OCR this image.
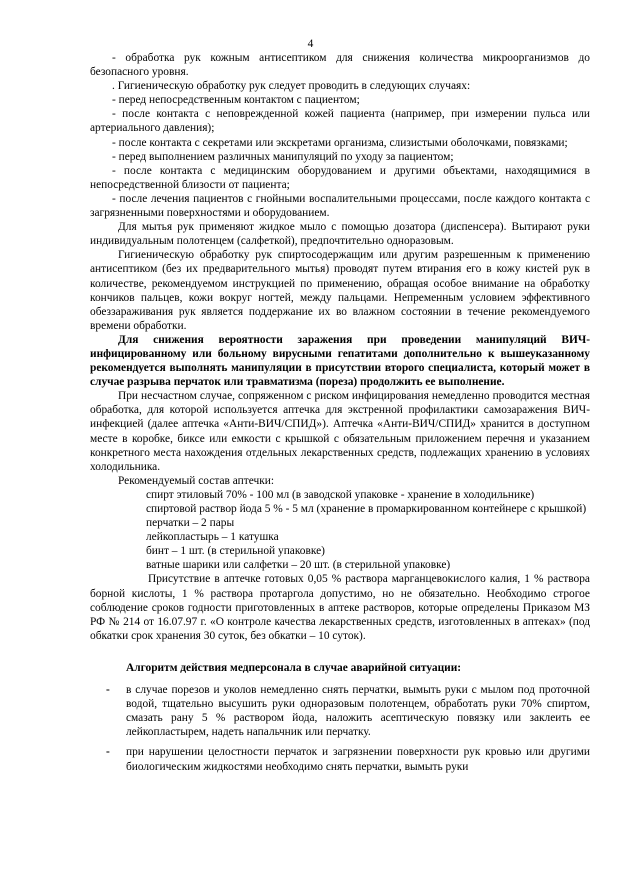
4

- обработка рук кожным антисептиком для снижения количества микроорганизмов до безопасного уровня.

. Гигиеническую обработку рук следует проводить в следующих случаях:

- перед непосредственным контактом с пациентом;

- после контакта с неповрежденной кожей пациента (например, при измерении пульса или артериального давления);

- после контакта с секретами или экскретами организма, слизистыми оболочками, повязками;

- перед выполнением различных манипуляций по уходу за пациентом;

- после контакта с медицинским оборудованием и другими объектами, находящимися в непосредственной близости от пациента;

- после лечения пациентов с гнойными воспалительными процессами, после каждого контакта с загрязненными поверхностями и оборудованием.

Для мытья рук применяют жидкое мыло с помощью дозатора (диспенсера). Вытирают руки индивидуальным полотенцем (салфеткой), предпочтительно одноразовым.

Гигиеническую обработку рук спиртосодержащим или другим разрешенным к применению антисептиком (без их предварительного мытья) проводят путем втирания его в кожу кистей рук в количестве, рекомендуемом инструкцией по применению, обращая особое внимание на обработку кончиков пальцев, кожи вокруг ногтей, между пальцами. Непременным условием эффективного обеззараживания рук является поддержание их во влажном состоянии в течение рекомендуемого времени обработки.

Для снижения вероятности заражения при проведении манипуляций ВИЧ-инфицированному или больному вирусными гепатитами дополнительно к вышеуказанному рекомендуется выполнять манипуляции в присутствии второго специалиста, который может в случае разрыва перчаток или травматизма (пореза) продолжить ее выполнение.

При несчастном случае, сопряженном с риском инфицирования немедленно проводится местная обработка, для которой используется аптечка для экстренной профилактики самозаражения ВИЧ-инфекцией (далее аптечка «Анти-ВИЧ/СПИД»). Аптечка «Анти-ВИЧ/СПИД» хранится в доступном месте в коробке, биксе или емкости с крышкой с обязательным приложением перечня и указанием конкретного места нахождения отдельных лекарственных средств, подлежащих хранению в условиях холодильника.

Рекомендуемый состав аптечки:

спирт этиловый 70% - 100 мл (в заводской упаковке - хранение в холодильнике)
спиртовой раствор йода 5 % - 5 мл (хранение в промаркированном контейнере с крышкой)
перчатки – 2 пары
лейкопластырь – 1 катушка
бинт – 1 шт. (в стерильной упаковке)
ватные шарики или салфетки – 20 шт. (в стерильной упаковке)

Присутствие в аптечке готовых 0,05 % раствора марганцевокислого калия, 1 % раствора борной кислоты, 1 % раствора протаргола допустимо, но не обязательно. Необходимо строгое соблюдение сроков годности приготовленных в аптеке растворов, которые определены Приказом МЗ РФ № 214 от 16.07.97 г. «О контроле качества лекарственных средств, изготовленных в аптеках» (под обкатки срок хранения 30 суток, без обкатки – 10 суток).

Алгоритм действия медперсонала в случае аварийной ситуации:
- в случае порезов и уколов немедленно снять перчатки, вымыть руки с мылом под проточной водой, тщательно высушить руки одноразовым полотенцем, обработать руки 70% спиртом, смазать рану 5 % раствором йода, наложить асептическую повязку или заклеить ее лейкопластырем, надеть напальчник или перчатку.
- при нарушении целостности перчаток и загрязнении поверхности рук кровью или другими биологическим жидкостями необходимо снять перчатки, вымыть руки
